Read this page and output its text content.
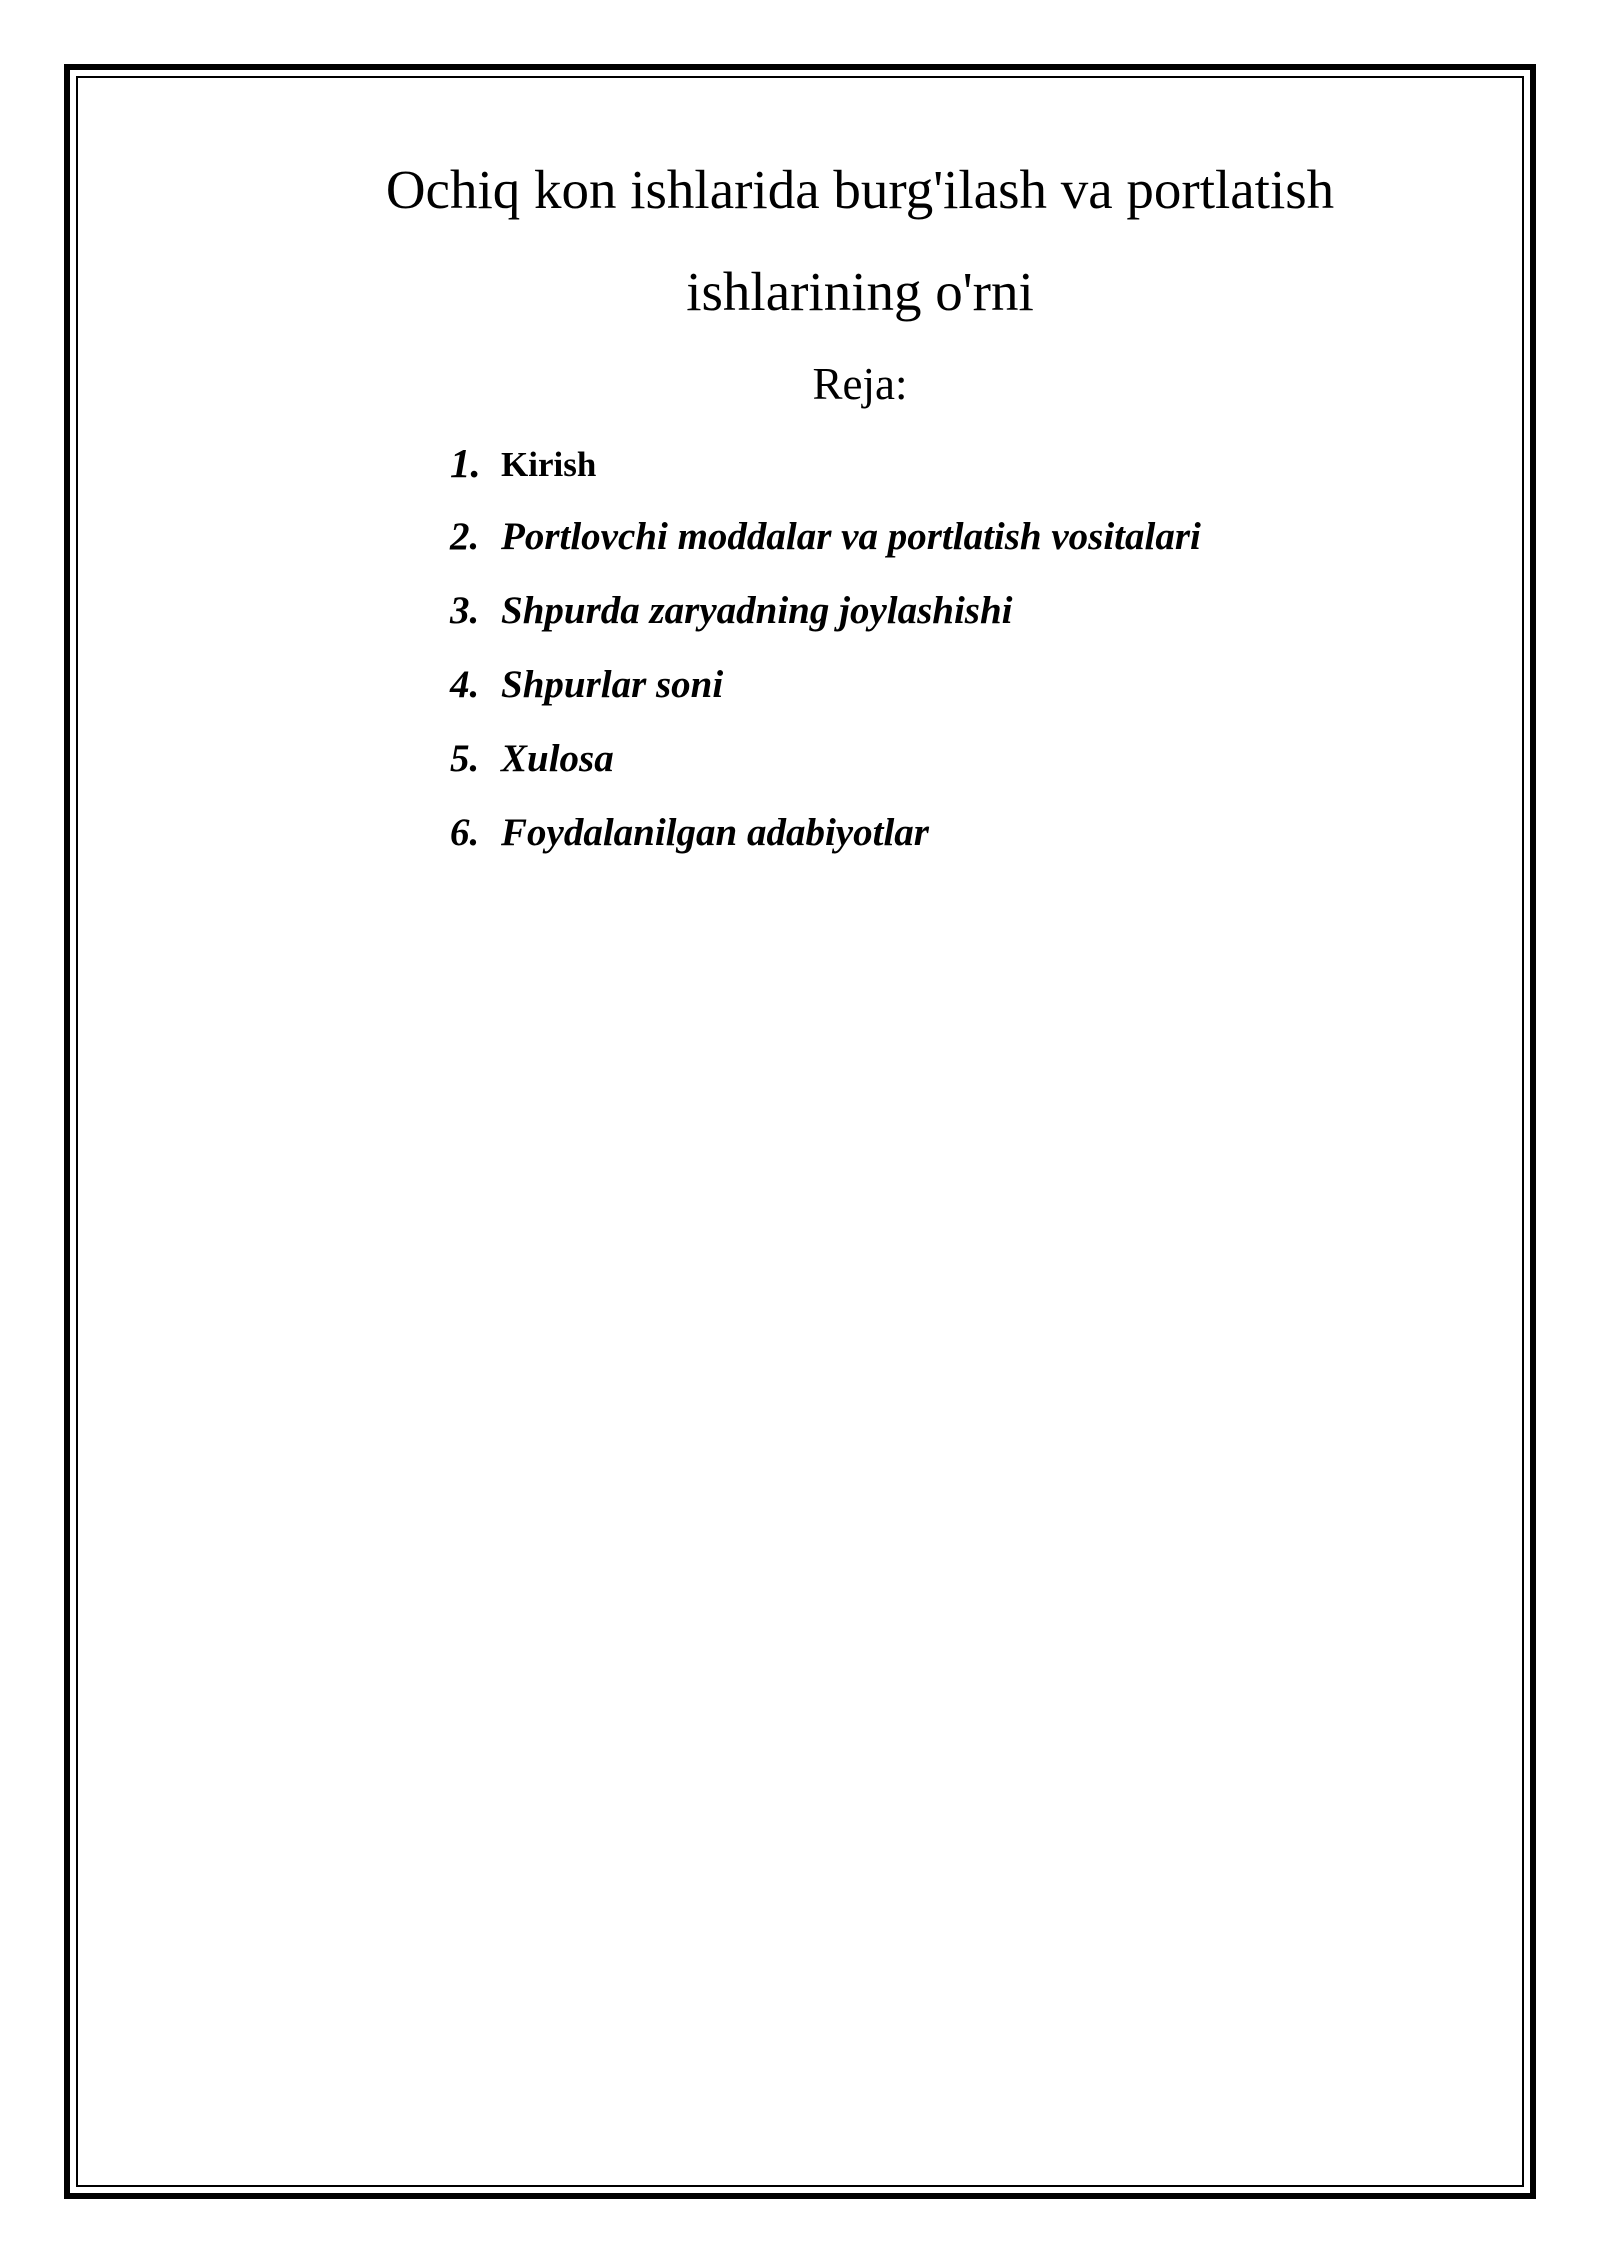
Ochiq kon ishlarida burg'ilash va portlatish
ishlarining o'rni
Reja:
1. Kirish
2. Portlovchi moddalar va portlatish vositalari
3. Shpurda zaryadning joylashishi
4. Shpurlar soni
5. Xulosa
6. Foydalanilgan adabiyotlar
